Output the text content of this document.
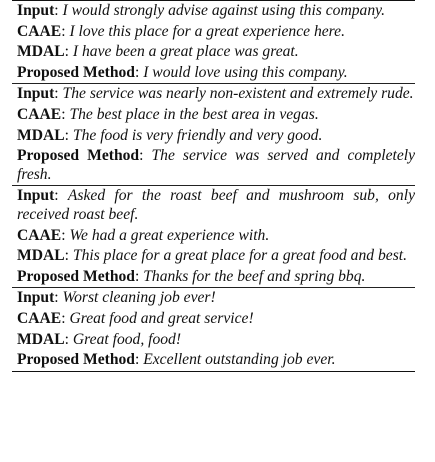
Input: I would strongly advise against using this company.
CAAE: I love this place for a great experience here.
MDAL: I have been a great place was great.
Proposed Method: I would love using this company.
Input: The service was nearly non-existent and extremely rude.
CAAE: The best place in the best area in vegas.
MDAL: The food is very friendly and very good.
Proposed Method: The service was served and completely fresh.
Input: Asked for the roast beef and mushroom sub, only received roast beef.
CAAE: We had a great experience with.
MDAL: This place for a great place for a great food and best.
Proposed Method: Thanks for the beef and spring bbq.
Input: Worst cleaning job ever!
CAAE: Great food and great service!
MDAL: Great food, food!
Proposed Method: Excellent outstanding job ever.
